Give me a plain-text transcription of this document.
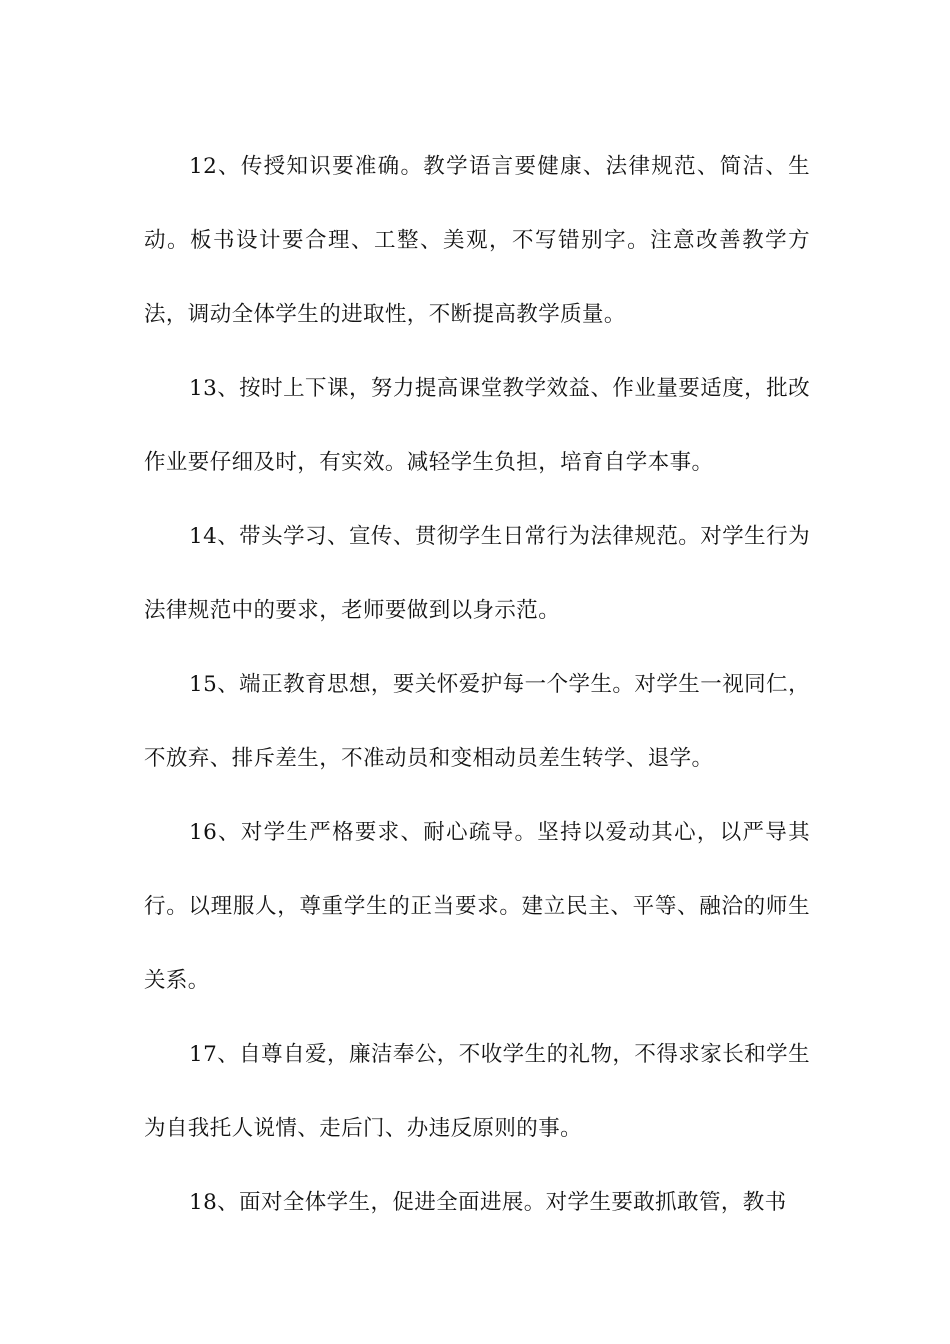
12、传授知识要准确。教学语言要健康、法律规范、简洁、生动。板书设计要合理、工整、美观，不写错别字。注意改善教学方法，调动全体学生的进取性，不断提高教学质量。

13、按时上下课，努力提高课堂教学效益、作业量要适度，批改作业要仔细及时，有实效。减轻学生负担，培育自学本事。

14、带头学习、宣传、贯彻学生日常行为法律规范。对学生行为法律规范中的要求，老师要做到以身示范。

15、端正教育思想，要关怀爱护每一个学生。对学生一视同仁，不放弃、排斥差生，不准动员和变相动员差生转学、退学。

16、对学生严格要求、耐心疏导。坚持以爱动其心，以严导其行。以理服人，尊重学生的正当要求。建立民主、平等、融洽的师生关系。

17、自尊自爱，廉洁奉公，不收学生的礼物，不得求家长和学生为自我托人说情、走后门、办违反原则的事。

18、面对全体学生，促进全面进展。对学生要敢抓敢管，教书
